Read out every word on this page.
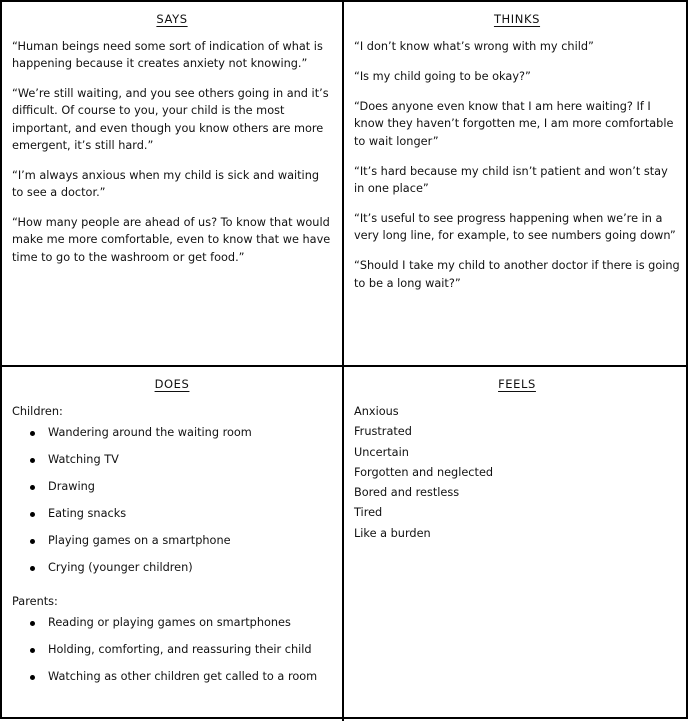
SAYS
“Human beings need some sort of indication of what is happening because it creates anxiety not knowing.”
“We’re still waiting, and you see others going in and it’s difficult. Of course to you, your child is the most important, and even though you know others are more emergent, it’s still hard.”
“I’m always anxious when my child is sick and waiting to see a doctor.”
“How many people are ahead of us? To know that would make me more comfortable, even to know that we have time to go to the washroom or get food.”
THINKS
“I don’t know what’s wrong with my child”
“Is my child going to be okay?”
“Does anyone even know that I am here waiting? If I know they haven’t forgotten me, I am more comfortable to wait longer”
“It’s hard because my child isn’t patient and won’t stay in one place”
“It’s useful to see progress happening when we’re in a very long line, for example, to see numbers going down”
“Should I take my child to another doctor if there is going to be a long wait?”
DOES
Children:
Wandering around the waiting room
Watching TV
Drawing
Eating snacks
Playing games on a smartphone
Crying (younger children)
Parents:
Reading or playing games on smartphones
Holding, comforting, and reassuring their child
Watching as other children get called to a room
FEELS
Anxious
Frustrated
Uncertain
Forgotten and neglected
Bored and restless
Tired
Like a burden
